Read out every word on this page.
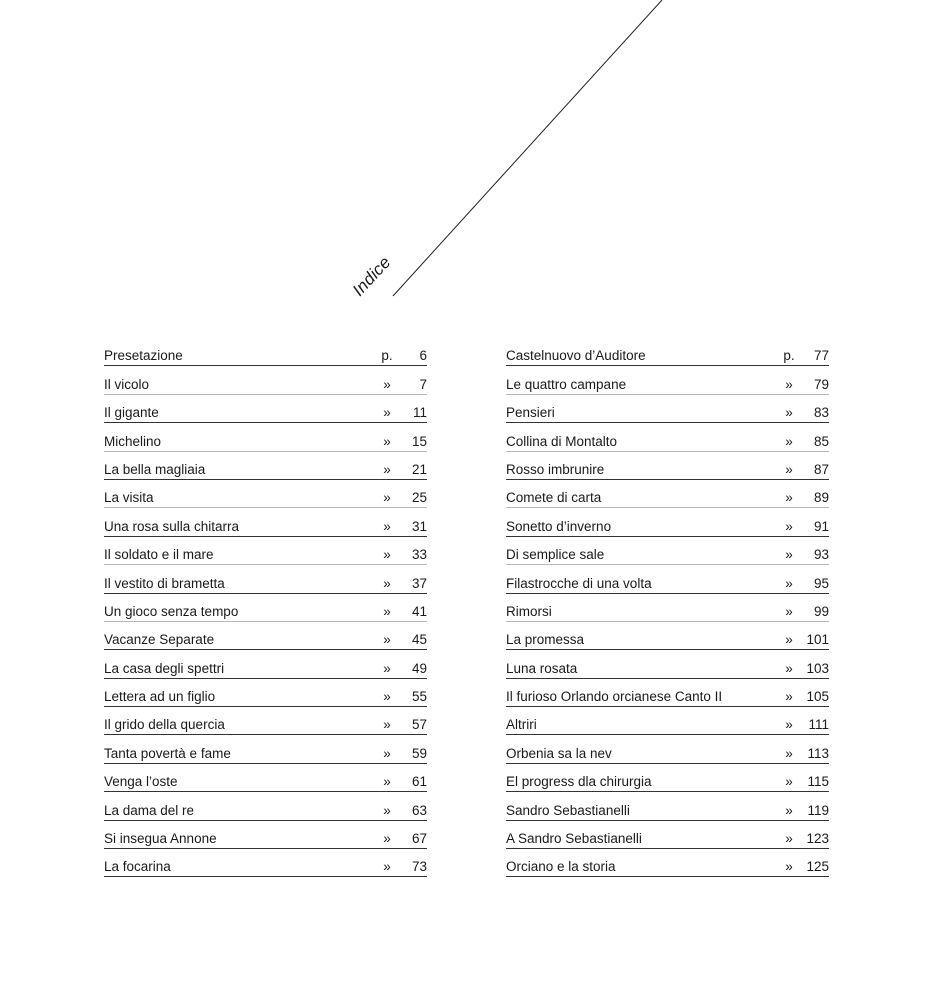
Indice
Presetazione	p.	6
Il vicolo	»	7
Il gigante	»	11
Michelino	»	15
La bella magliaia	»	21
La visita	»	25
Una rosa sulla chitarra	»	31
Il soldato e il mare	»	33
Il vestito di brametta	»	37
Un gioco senza tempo	»	41
Vacanze Separate	»	45
La casa degli spettri	»	49
Lettera ad un figlio	»	55
Il grido della quercia	»	57
Tanta povertà e fame	»	59
Venga l’oste	»	61
La dama del re	»	63
Si insegua Annone	»	67
La focarina	»	73
Castelnuovo d’Auditore	p.	77
Le quattro campane	»	79
Pensieri	»	83
Collina di Montalto	»	85
Rosso imbrunire	»	87
Comete di carta	»	89
Sonetto d’inverno	»	91
Di semplice sale	»	93
Filastrocche di una volta	»	95
Rimorsi	»	99
La promessa	»	101
Luna rosata	»	103
Il furioso Orlando orcianese Canto II	»	105
Altriri	»	111
Orbenia sa la nev	»	113
El progress dla chirurgia	»	115
Sandro Sebastianelli	»	119
A Sandro Sebastianelli	»	123
Orciano e la storia	»	125
